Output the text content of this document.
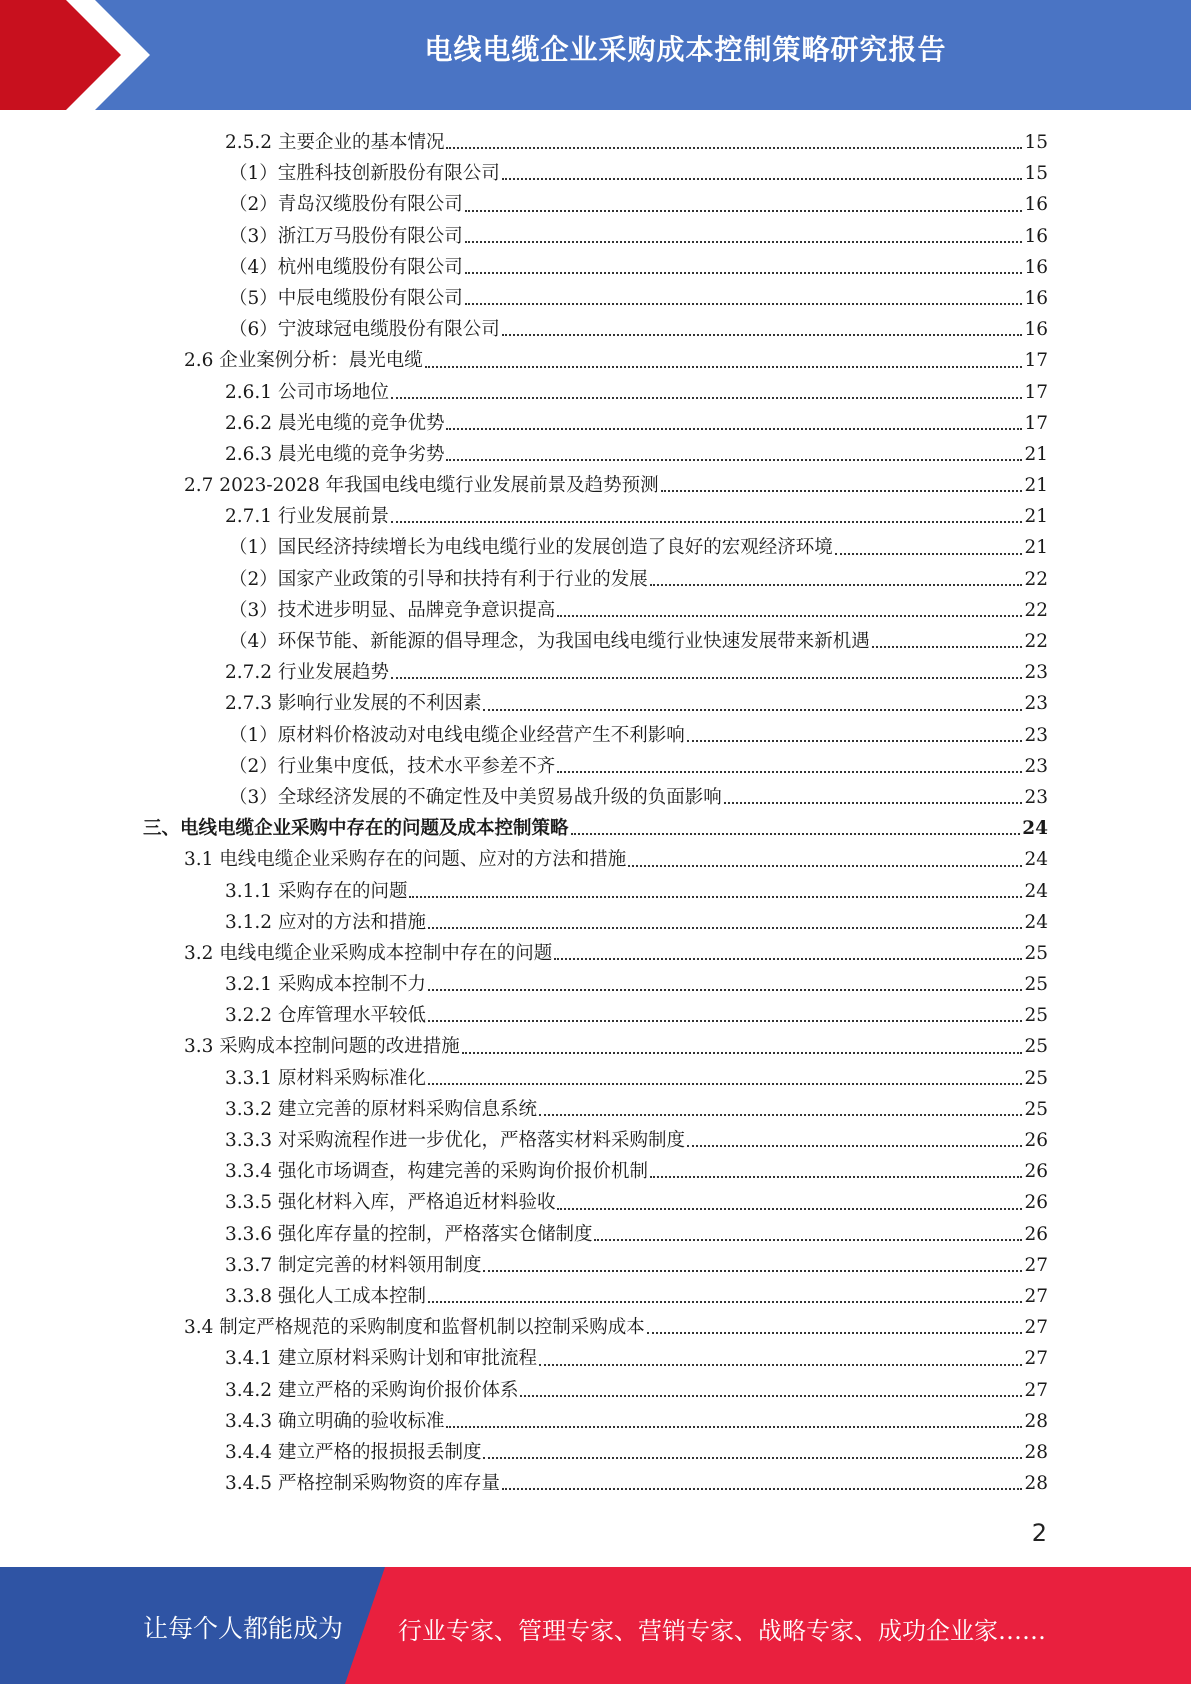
电线电缆企业采购成本控制策略研究报告
2.5.2 主要企业的基本情况	15
（1）宝胜科技创新股份有限公司	15
（2）青岛汉缆股份有限公司	16
（3）浙江万马股份有限公司	16
（4）杭州电缆股份有限公司	16
（5）中辰电缆股份有限公司	16
（6）宁波球冠电缆股份有限公司	16
2.6 企业案例分析：晨光电缆	17
2.6.1 公司市场地位	17
2.6.2 晨光电缆的竞争优势	17
2.6.3 晨光电缆的竞争劣势	21
2.7 2023-2028 年我国电线电缆行业发展前景及趋势预测	21
2.7.1 行业发展前景	21
（1）国民经济持续增长为电线电缆行业的发展创造了良好的宏观经济环境	21
（2）国家产业政策的引导和扶持有利于行业的发展	22
（3）技术进步明显、品牌竞争意识提高	22
（4）环保节能、新能源的倡导理念，为我国电线电缆行业快速发展带来新机遇	22
2.7.2 行业发展趋势	23
2.7.3 影响行业发展的不利因素	23
（1）原材料价格波动对电线电缆企业经营产生不利影响	23
（2）行业集中度低，技术水平参差不齐	23
（3）全球经济发展的不确定性及中美贸易战升级的负面影响	23
三、电线电缆企业采购中存在的问题及成本控制策略	24
3.1 电线电缆企业采购存在的问题、应对的方法和措施	24
3.1.1 采购存在的问题	24
3.1.2 应对的方法和措施	24
3.2 电线电缆企业采购成本控制中存在的问题	25
3.2.1 采购成本控制不力	25
3.2.2 仓库管理水平较低	25
3.3 采购成本控制问题的改进措施	25
3.3.1 原材料采购标准化	25
3.3.2 建立完善的原材料采购信息系统	25
3.3.3 对采购流程作进一步优化，严格落实材料采购制度	26
3.3.4 强化市场调查，构建完善的采购询价报价机制	26
3.3.5 强化材料入库，严格追近材料验收	26
3.3.6 强化库存量的控制，严格落实仓储制度	26
3.3.7 制定完善的材料领用制度	27
3.3.8 强化人工成本控制	27
3.4 制定严格规范的采购制度和监督机制以控制采购成本	27
3.4.1 建立原材料采购计划和审批流程	27
3.4.2 建立严格的采购询价报价体系	27
3.4.3 确立明确的验收标准	28
3.4.4 建立严格的报损报丢制度	28
3.4.5 严格控制采购物资的库存量	28
2
让每个人都能成为 行业专家、管理专家、营销专家、战略专家、成功企业家……
